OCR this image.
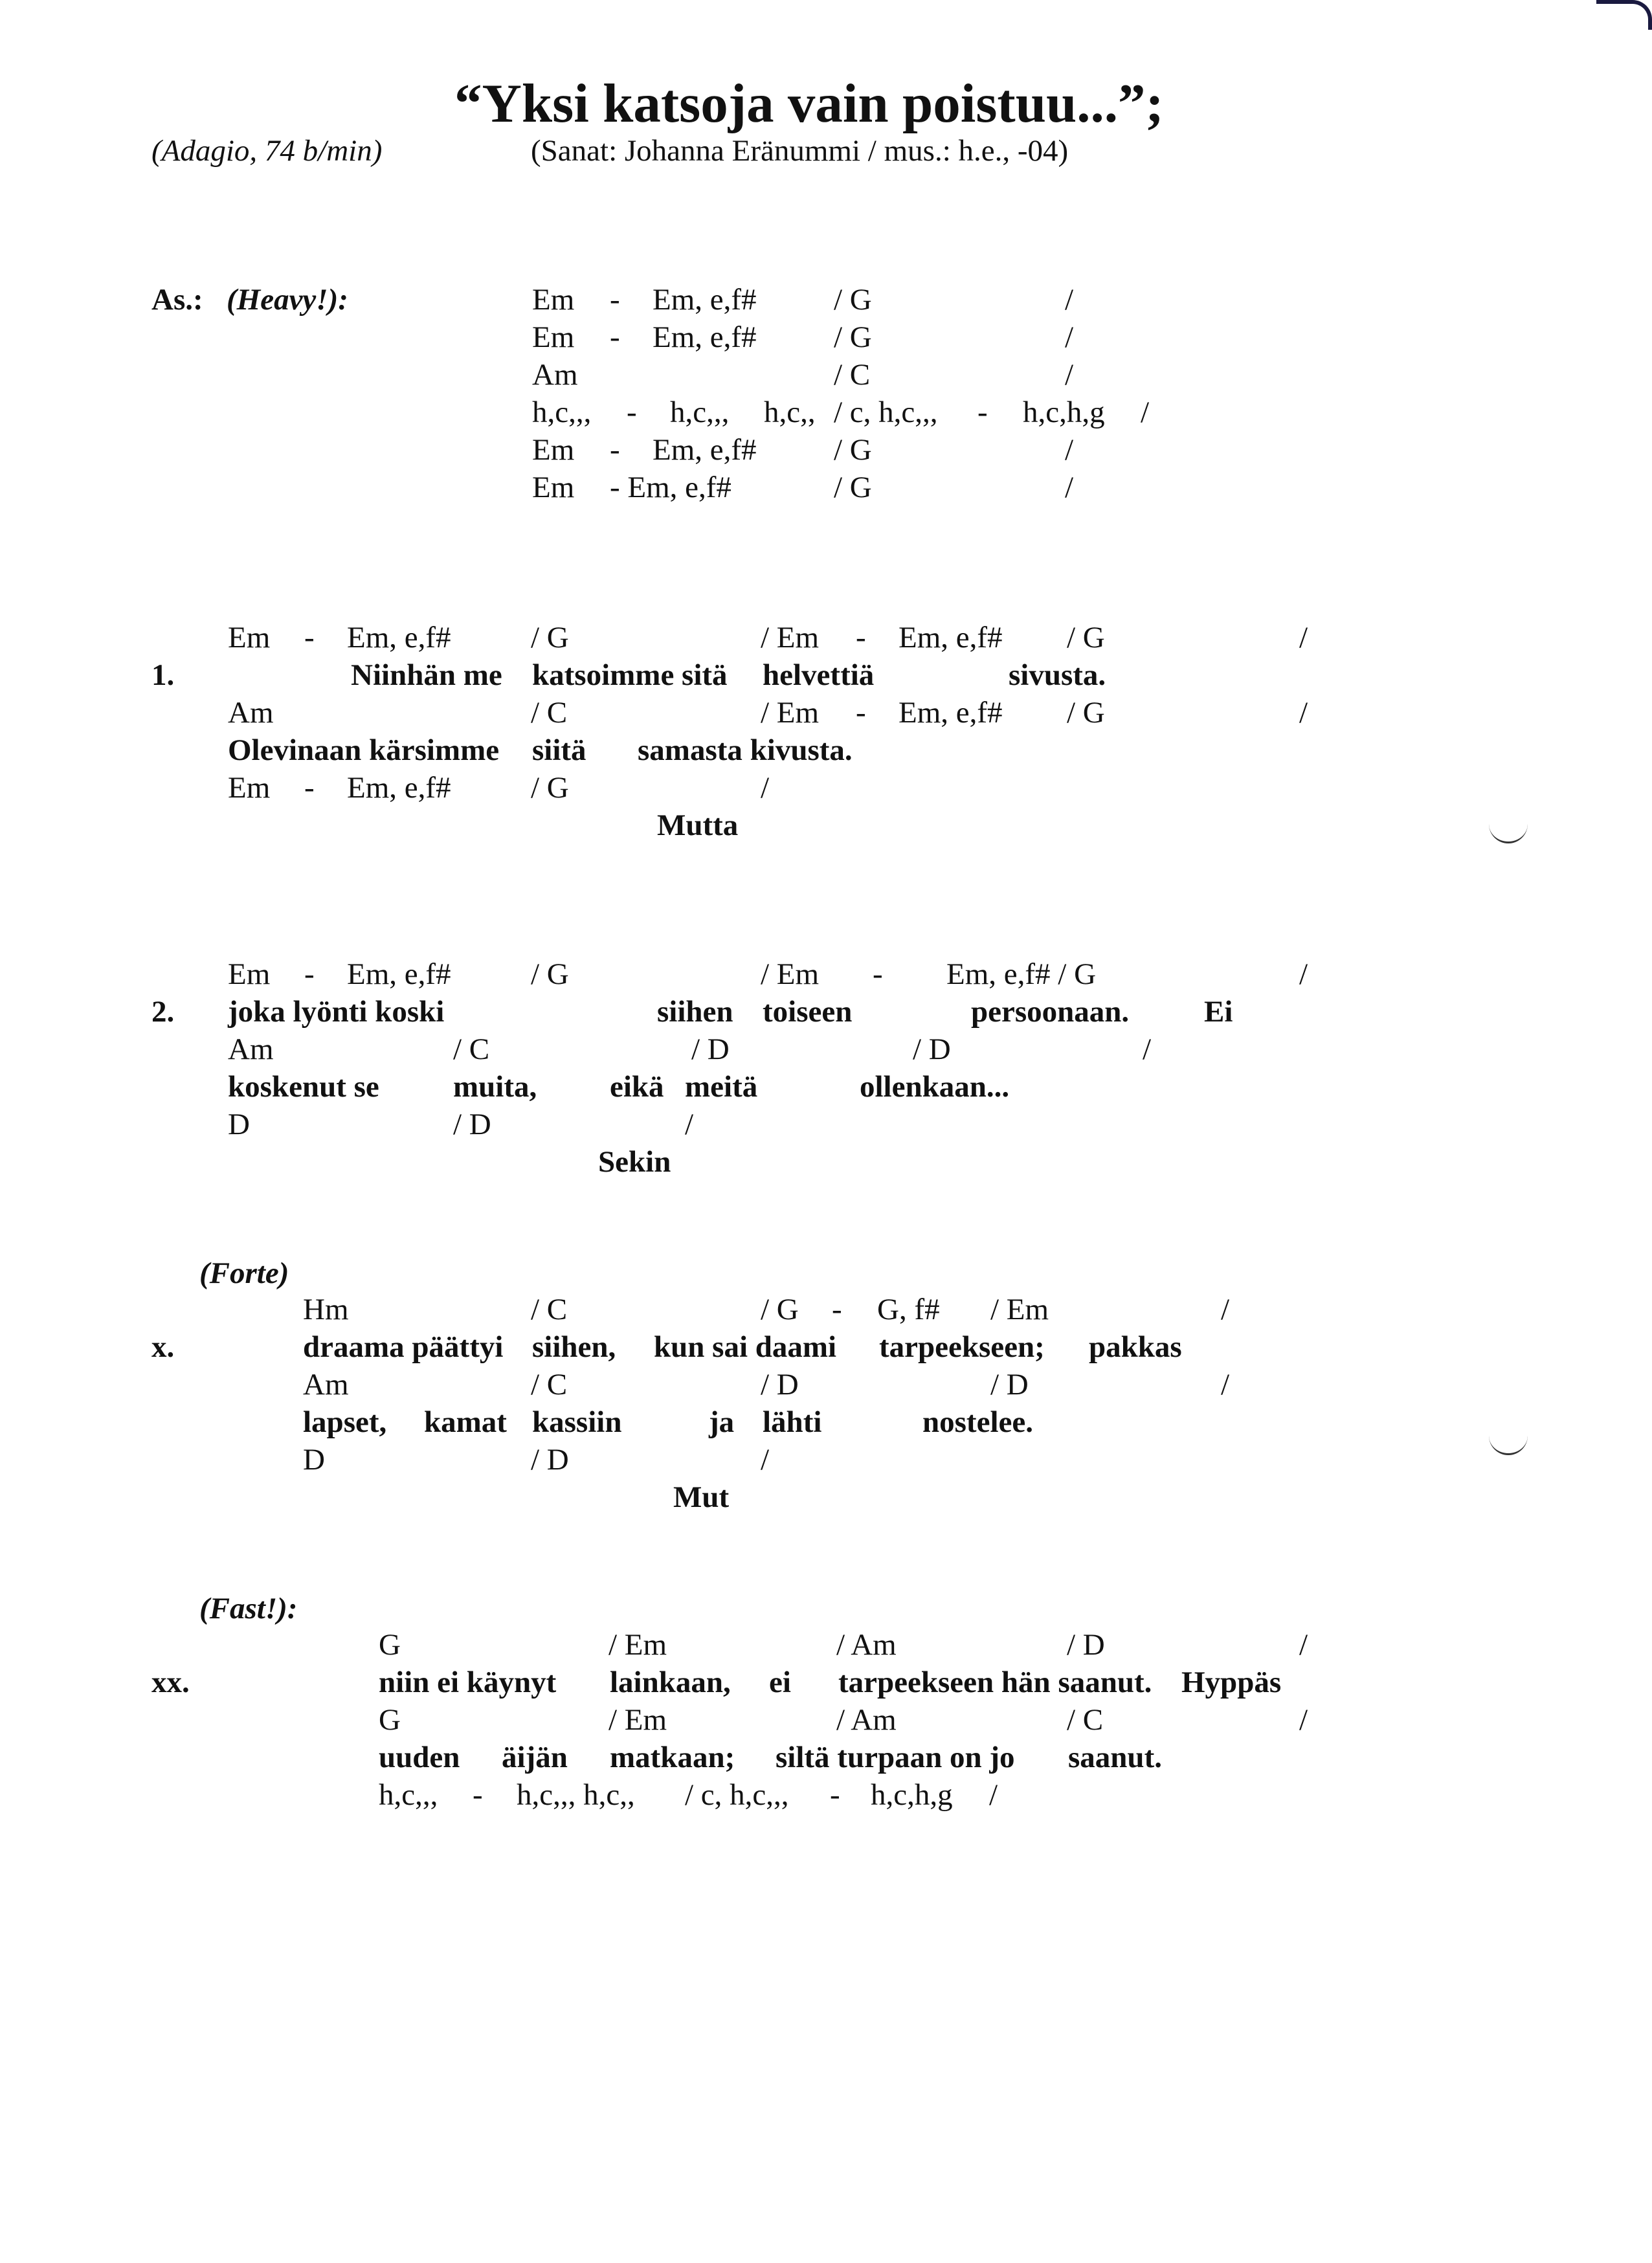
“Yksi katsoja vain poistuu...”;
(Adagio, 74 b/min)	(Sanat: Johanna Eränummi / mus.: h.e., -04)
As.: (Heavy!):	Em - Em, e,f#	/ G	/
Em - Em, e,f#	/ G	/
Am	/ C	/
h,c,,, - h,c,,, h,c,, / c, h,c,,, - h,c,h,g /
Em - Em, e,f#	/ G	/
Em - Em, e,f#	/ G	/
Em - Em, e,f#	/ G	/ Em - Em, e,f# / G	/
1.	Niinhän me katsoimme sitä helvettiä	sivusta.
Am	/ C	/ Em - Em, e,f# / G	/
Olevinaan kärsimme siitä samasta kivusta.
Em - Em, e,f#	/ G	/
Mutta
Em - Em, e,f#	/ G	/ Em - Em, e,f# / G	/
2. joka lyönti koski	siihen toiseen	persoonaan. Ei
Am	/ C	/ D	/ D	/
koskenut se muita, eikä meitä	ollenkaan...
D	/ D	/
Sekin
(Forte)
Hm	/ C	/ G - G, f# / Em	/
x.	draama päättyi siihen, kun sai daami tarpeekseen; pakkas
Am	/ C	/ D	/ D	/
lapset, kamat kassiin	ja lähti	nostelee.
D	/ D	/
Mut
(Fast!):
G	/ Em	/ Am	/ D	/
xx.	niin ei käynyt lainkaan, ei tarpeekseen hän saanut. Hyppäs
G	/ Em	/ Am	/ C	/
uuden äijän matkaan; siltä turpaan on jo saanut.
h,c,,, - h,c,,, h,c,, / c, h,c,,, - h,c,h,g /
